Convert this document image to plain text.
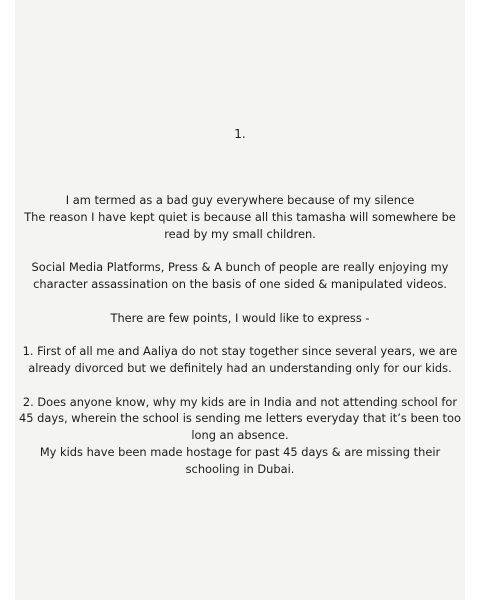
1.

I am termed as a bad guy everywhere because of my silence
The reason I have kept quiet is because all this tamasha will somewhere be
read by my small children.

Social Media Platforms, Press & A bunch of people are really enjoying my
character assassination on the basis of one sided & manipulated videos.

There are few points, I would like to express -

1. First of all me and Aaliya do not stay together since several years, we are
already divorced but we definitely had an understanding only for our kids.

2. Does anyone know, why my kids are in India and not attending school for
45 days, wherein the school is sending me letters everyday that it’s been too
long an absence.
My kids have been made hostage for past 45 days & are missing their
schooling in Dubai.
